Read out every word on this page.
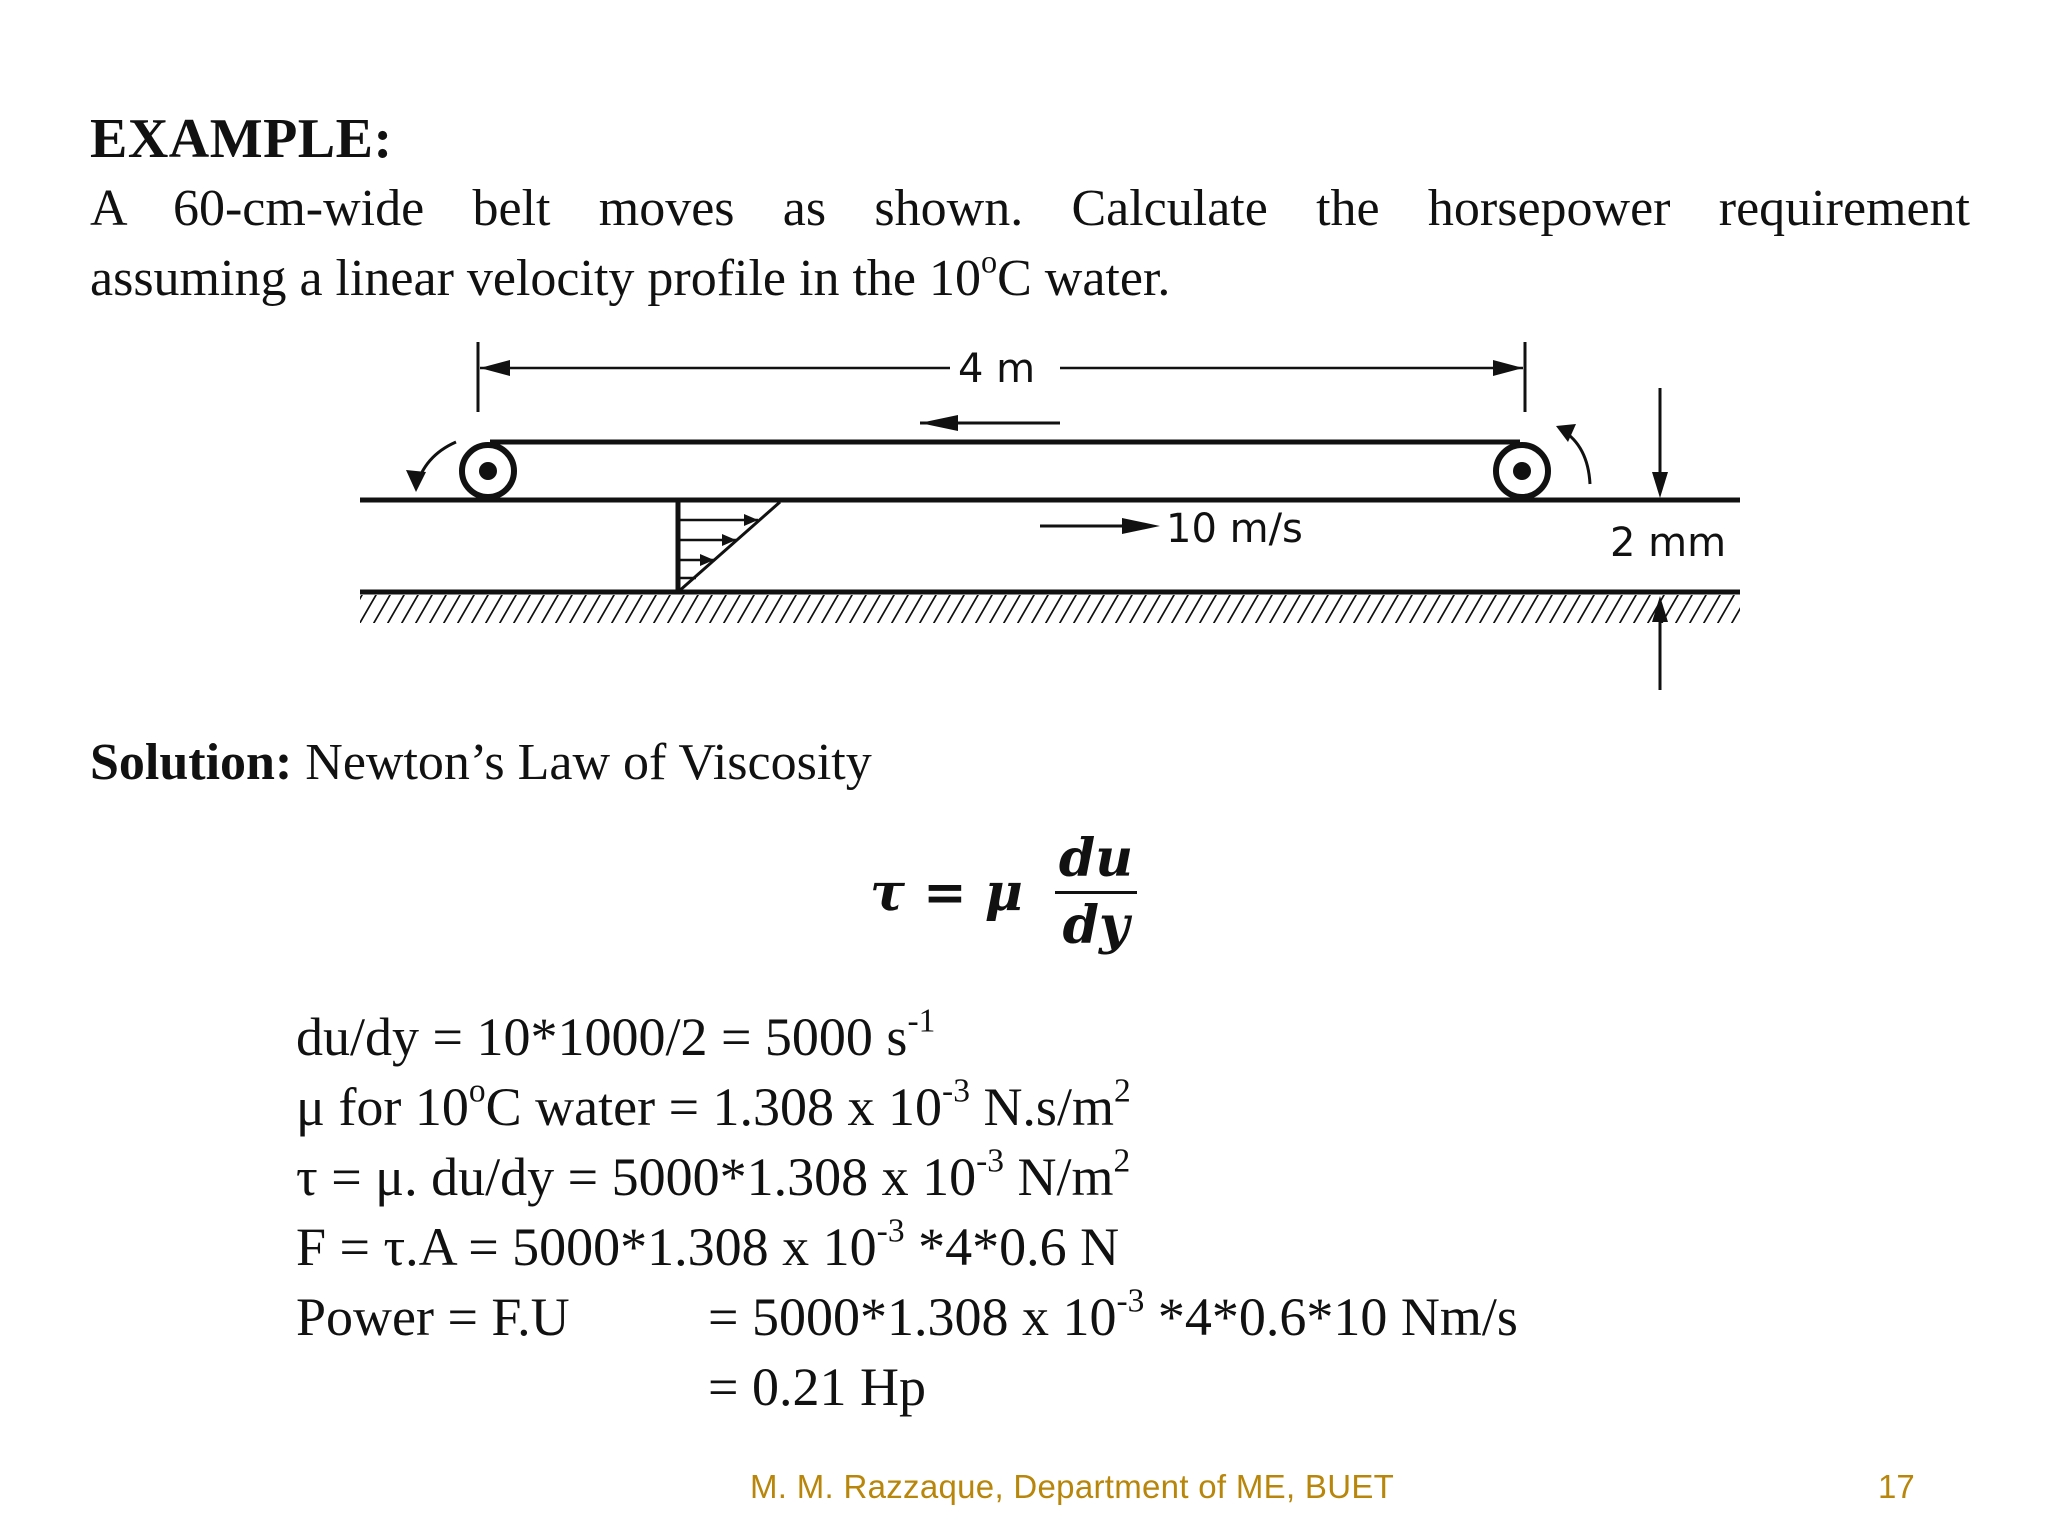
EXAMPLE:
A 60-cm-wide belt moves as shown. Calculate the horsepower requirement
assuming a linear velocity profile in the 10$^o$C water.
4 m
10 m/s	2 mm
Solution: Newton’s Law of Viscosity
τ = μ $\frac{du}{dy}$
du/dy = 10*1000/2 = 5000 $s^{-1}$
μ for 10$^o$C water = 1.308 x $10^{-3}$ $N.s/m^2$
τ = μ. du/dy = 5000*1.308 x $10^{-3}$ $N/m^2$
F = τ.A = 5000*1.308 x $10^{-3}$ *4*0.6 N
Power = F.U	= 5000*1.308 x $10^{-3}$ *4*0.6*10 Nm/s
= 0.21 Hp
M. M. Razzaque, Department of ME, BUET	17
